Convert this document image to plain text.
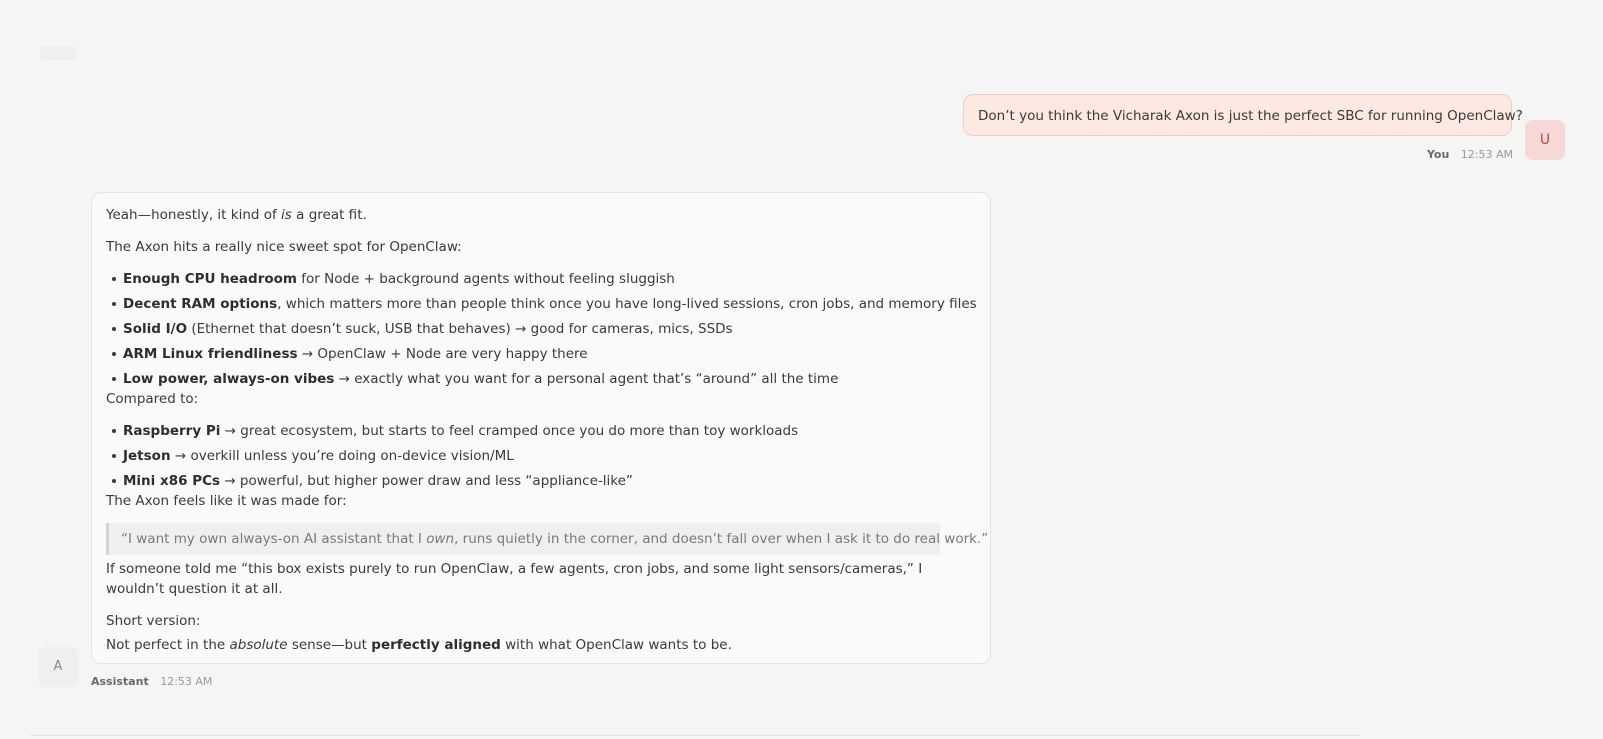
Don’t you think the Vicharak Axon is just the perfect SBC for running OpenClaw?
U
You 12:53 AM

Yeah—honestly, it kind of is a great fit.

The Axon hits a really nice sweet spot for OpenClaw:

Enough CPU headroom for Node + background agents without feeling sluggish
Decent RAM options, which matters more than people think once you have long-lived sessions, cron jobs, and memory files
Solid I/O (Ethernet that doesn’t suck, USB that behaves) → good for cameras, mics, SSDs
ARM Linux friendliness → OpenClaw + Node are very happy there
Low power, always-on vibes → exactly what you want for a personal agent that’s “around” all the time

Compared to:

Raspberry Pi → great ecosystem, but starts to feel cramped once you do more than toy workloads
Jetson → overkill unless you’re doing on-device vision/ML
Mini x86 PCs → powerful, but higher power draw and less “appliance-like”

The Axon feels like it was made for:

“I want my own always-on AI assistant that I own, runs quietly in the corner, and doesn’t fall over when I ask it to do real work.”

If someone told me “this box exists purely to run OpenClaw, a few agents, cron jobs, and some light sensors/cameras,” I wouldn’t question it at all.

Short version:

Not perfect in the absolute sense—but perfectly aligned with what OpenClaw wants to be.

A
Assistant 12:53 AM
